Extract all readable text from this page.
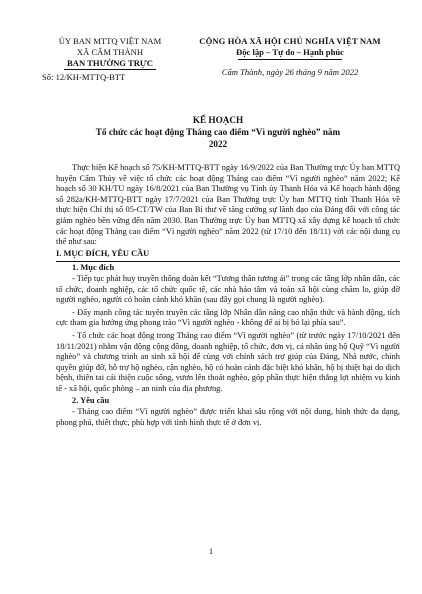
ỦY BAN MTTQ VIỆT NAM
XÃ CẨM THÀNH
BAN THƯỜNG TRỰC
Số: 12/KH-MTTQ-BTT
CỘNG HÒA XÃ HỘI CHỦ NGHĨA VIỆT NAM
Độc lập – Tự do – Hạnh phúc
Cẩm Thành, ngày 26 tháng 9 năm 2022
KẾ HOẠCH
Tổ chức các hoạt động Tháng cao điểm “Vì người nghèo” năm
2022

Thực hiện Kế hoạch số 75/KH-MTTQ-BTT ngày 16/9/2022 của Ban Thường trực Ủy ban MTTQ huyện Cẩm Thủy về việc tổ chức các hoạt động Tháng cao điểm “Vì người nghèo” năm 2022; Kế hoạch số 30 KH/TU ngày 16/8/2021 của Ban Thường vụ Tỉnh ủy Thanh Hóa và Kế hoạch hành động số 282a/KH-MTTQ-BTT ngày 17/7/2021 của Ban Thường trực Ủy ban MTTQ tỉnh Thanh Hóa về thực hiện Chỉ thị số 05-CT/TW của Ban Bí thư về tăng cường sự lãnh đạo của Đảng đối với công tác giảm nghèo bền vững đến năm 2030. Ban Thường trực Ủy ban MTTQ xã xây dựng kế hoạch tổ chức các hoạt động Tháng cao điểm “Vì người nghèo” năm 2022 (từ 17/10 đến 18/11) với các nội dung cụ thể như sau:

I. MỤC ĐÍCH, YÊU CẦU

1. Mục đích

- Tiếp tục phát huy truyền thống đoàn kết “Tương thân tương ái” trong các tầng lớp nhân dân, các tổ chức, doanh nghiệp, các tổ chức quốc tế, các nhà hảo tâm và toàn xã hội cùng chăm lo, giúp đỡ người nghèo, người có hoàn cảnh khó khăn (sau đây gọi chung là người nghèo).

- Đẩy mạnh công tác tuyên truyền các tầng lớp Nhân dân nâng cao nhận thức và hành động, tích cực tham gia hưởng ứng phong trào “Vì người nghèo - không để ai bị bỏ lại phía sau”.

- Tổ chức các hoạt động trong Tháng cao điểm “Vì người nghèo” (từ trước ngày 17/10/2021 đến 18/11/2021) nhằm vận động cộng đồng, doanh nghiệp, tổ chức, đơn vị, cá nhân ủng hộ Quỹ “Vì người nghèo” và chương trình an sinh xã hội để cùng với chính sách trợ giúp của Đảng, Nhà nước, chính quyền giúp đỡ, hỗ trợ hộ nghèo, cận nghèo, hộ có hoàn cảnh đặc biệt khó khăn, hộ bị thiệt hại do dịch bệnh, thiên tai cải thiện cuộc sống, vươn lên thoát nghèo, góp phần thực hiện thắng lợi nhiệm vụ kinh tế - xã hội, quốc phòng – an ninh của địa phương.

2. Yêu cầu

- Tháng cao điểm “Vì người nghèo” được triển khai sâu rộng với nội dung, hình thức đa dạng, phong phú, thiết thực, phù hợp với tình hình thực tế ở đơn vị.

1
